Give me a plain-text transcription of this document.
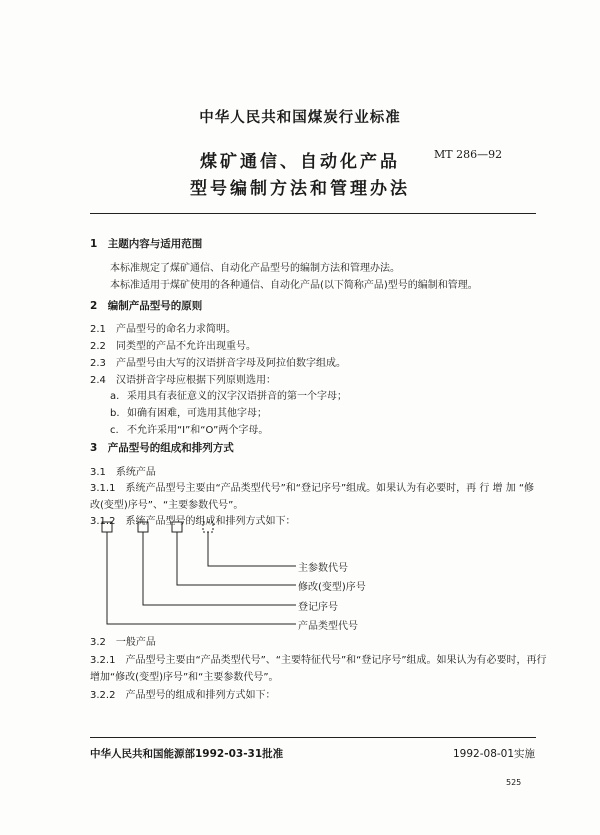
中华人民共和国煤炭行业标准
煤矿通信、自动化产品
型号编制方法和管理办法
MT 286—92
1　主题内容与适用范围
本标准规定了煤矿通信、自动化产品型号的编制方法和管理办法。
本标准适用于煤矿使用的各种通信、自动化产品(以下简称产品)型号的编制和管理。
2　编制产品型号的原则
2.1 产品型号的命名力求简明。
2.2 同类型的产品不允许出现重号。
2.3 产品型号由大写的汉语拼音字母及阿拉伯数字组成。
2.4 汉语拼音字母应根据下列原则选用：
a. 采用具有表征意义的汉字汉语拼音的第一个字母；
b. 如确有困难，可选用其他字母；
c. 不允许采用“I”和“O”两个字母。
3　产品型号的组成和排列方式
3.1　系统产品
3.1.1　系统产品型号主要由“产品类型代号”和“登记序号”组成。如果认为有必要时，再 行 增 加 “修
改(变型)序号”、“主要参数代号”。
3.1.2　系统产品型号的组成和排列方式如下：
主参数代号
修改(变型)序号
登记序号
产品类型代号
3.2　一般产品
3.2.1　产品型号主要由“产品类型代号”、“主要特征代号”和“登记序号”组成。如果认为有必要时，再行
增加“修改(变型)序号”和“主要参数代号”。
3.2.2　产品型号的组成和排列方式如下：
中华人民共和国能源部1992-03-31批准	1992-08-01实施
525
